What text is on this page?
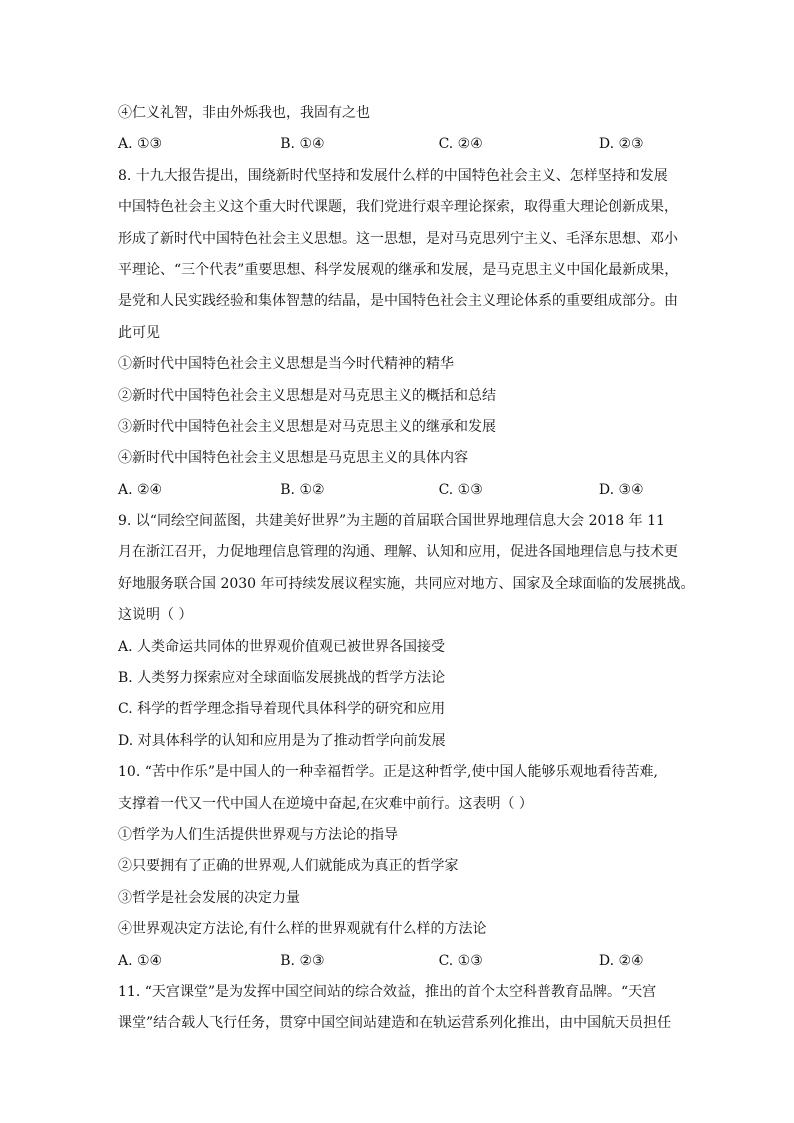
④仁义礼智，非由外烁我也，我固有之也
A. ①③	B. ①④	C. ②④	D. ②③
8. 十九大报告提出，围绕新时代坚持和发展什么样的中国特色社会主义、怎样坚持和发展
中国特色社会主义这个重大时代课题，我们党进行艰辛理论探索，取得重大理论创新成果，
形成了新时代中国特色社会主义思想。这一思想，是对马克思列宁主义、毛泽东思想、邓小
平理论、“三个代表”重要思想、科学发展观的继承和发展，是马克思主义中国化最新成果，
是党和人民实践经验和集体智慧的结晶，是中国特色社会主义理论体系的重要组成部分。由
此可见
①新时代中国特色社会主义思想是当今时代精神的精华
②新时代中国特色社会主义思想是对马克思主义的概括和总结
③新时代中国特色社会主义思想是对马克思主义的继承和发展
④新时代中国特色社会主义思想是马克思主义的具体内容
A. ②④	B. ①②	C. ①③	D. ③④
9. 以“同绘空间蓝图，共建美好世界”为主题的首届联合国世界地理信息大会 2018 年 11
月在浙江召开，力促地理信息管理的沟通、理解、认知和应用，促进各国地理信息与技术更
好地服务联合国 2030 年可持续发展议程实施，共同应对地方、国家及全球面临的发展挑战。
这说明（ ）
A. 人类命运共同体的世界观价值观已被世界各国接受
B. 人类努力探索应对全球面临发展挑战的哲学方法论
C. 科学的哲学理念指导着现代具体科学的研究和应用
D. 对具体科学的认知和应用是为了推动哲学向前发展
10. “苦中作乐”是中国人的一种幸福哲学。正是这种哲学,使中国人能够乐观地看待苦难,
支撑着一代又一代中国人在逆境中奋起,在灾难中前行。这表明（ ）
①哲学为人们生活提供世界观与方法论的指导
②只要拥有了正确的世界观,人们就能成为真正的哲学家
③哲学是社会发展的决定力量
④世界观决定方法论,有什么样的世界观就有什么样的方法论
A. ①④	B. ②③	C. ①③	D. ②④
11. “天宫课堂”是为发挥中国空间站的综合效益，推出的首个太空科普教育品牌。“天宫
课堂”结合载人飞行任务，贯穿中国空间站建造和在轨运营系列化推出，由中国航天员担任
